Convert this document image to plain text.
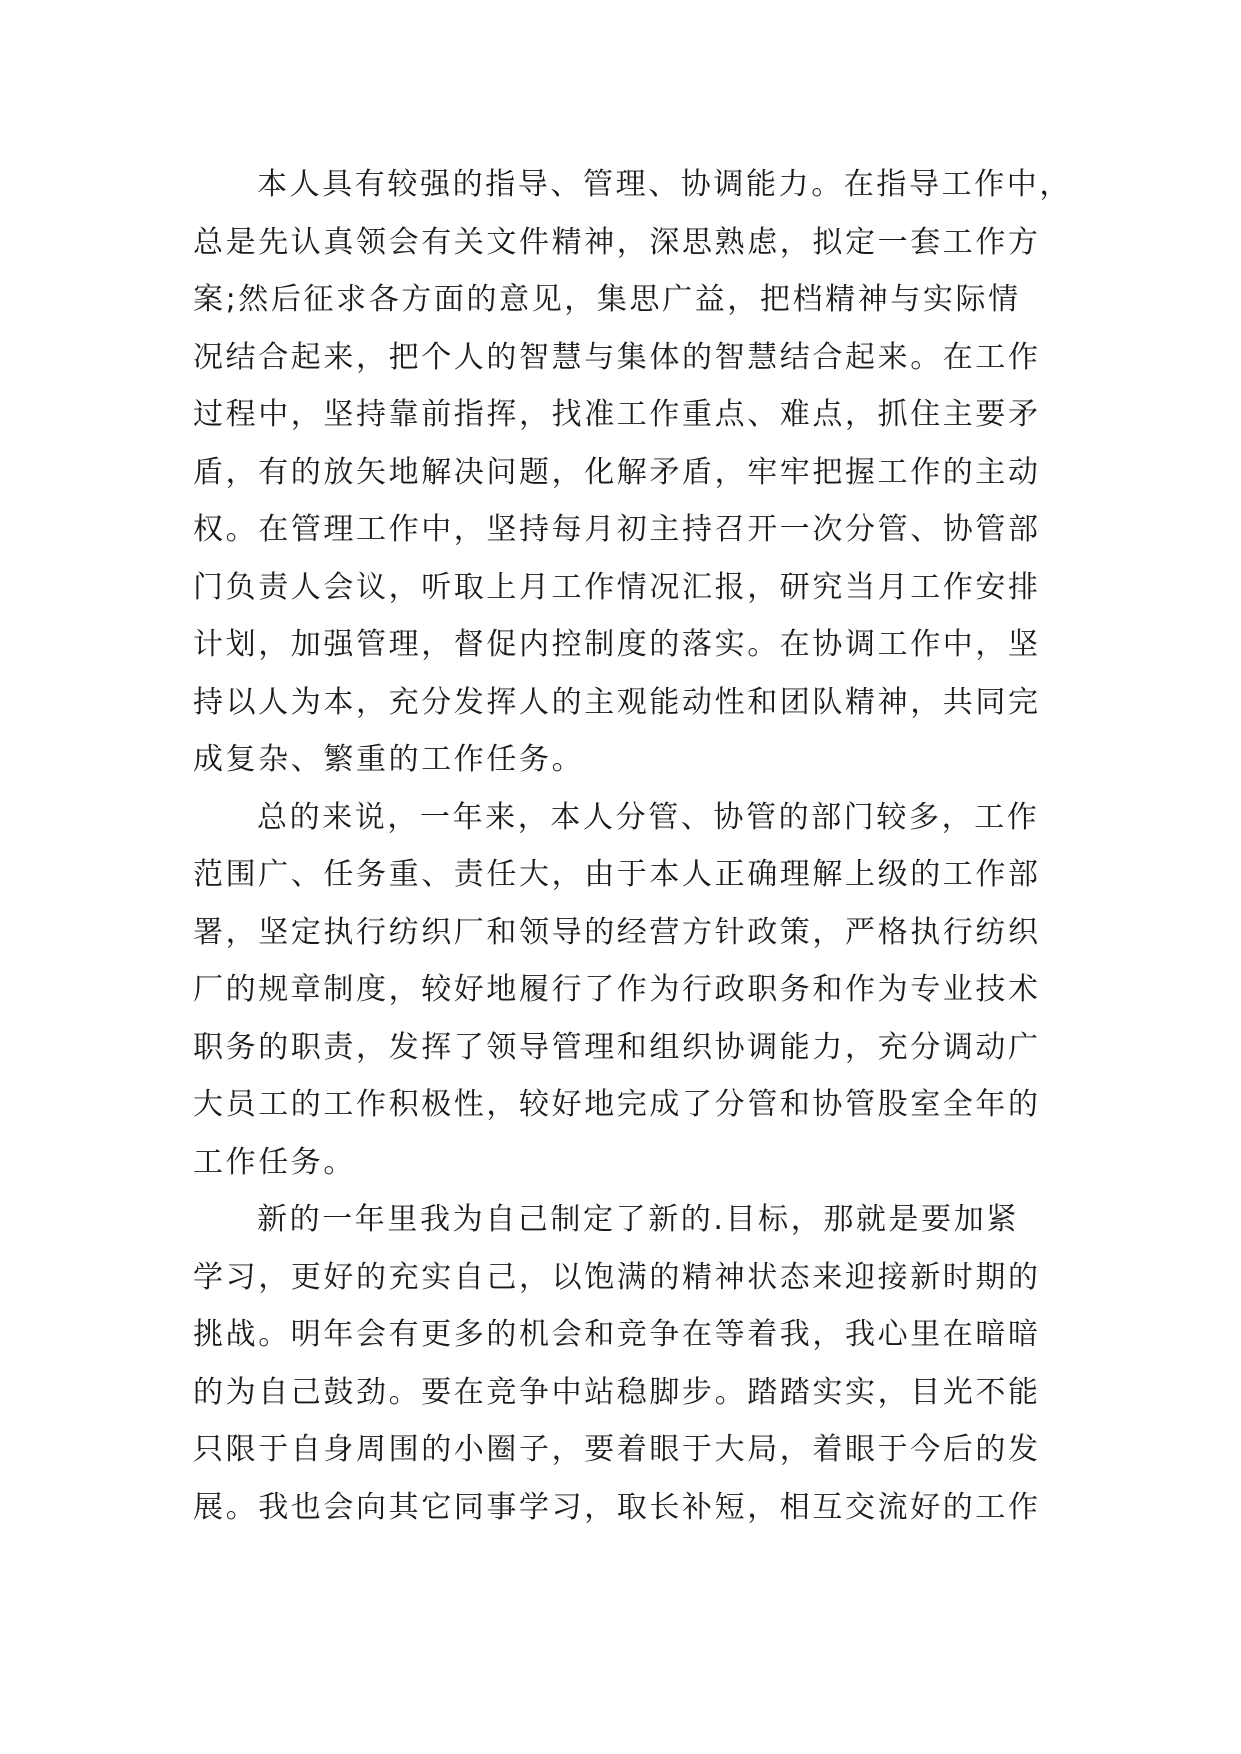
本人具有较强的指导、管理、协调能力。在指导工作中，
总是先认真领会有关文件精神，深思熟虑，拟定一套工作方
案;然后征求各方面的意见，集思广益，把档精神与实际情
况结合起来，把个人的智慧与集体的智慧结合起来。在工作
过程中，坚持靠前指挥，找准工作重点、难点，抓住主要矛
盾，有的放矢地解决问题，化解矛盾，牢牢把握工作的主动
权。在管理工作中，坚持每月初主持召开一次分管、协管部
门负责人会议，听取上月工作情况汇报，研究当月工作安排
计划，加强管理，督促内控制度的落实。在协调工作中，坚
持以人为本，充分发挥人的主观能动性和团队精神，共同完
成复杂、繁重的工作任务。
总的来说，一年来，本人分管、协管的部门较多，工作
范围广、任务重、责任大，由于本人正确理解上级的工作部
署，坚定执行纺织厂和领导的经营方针政策，严格执行纺织
厂的规章制度，较好地履行了作为行政职务和作为专业技术
职务的职责，发挥了领导管理和组织协调能力，充分调动广
大员工的工作积极性，较好地完成了分管和协管股室全年的
工作任务。
新的一年里我为自己制定了新的.目标，那就是要加紧
学习，更好的充实自己，以饱满的精神状态来迎接新时期的
挑战。明年会有更多的机会和竞争在等着我，我心里在暗暗
的为自己鼓劲。要在竞争中站稳脚步。踏踏实实，目光不能
只限于自身周围的小圈子，要着眼于大局，着眼于今后的发
展。我也会向其它同事学习，取长补短，相互交流好的工作
